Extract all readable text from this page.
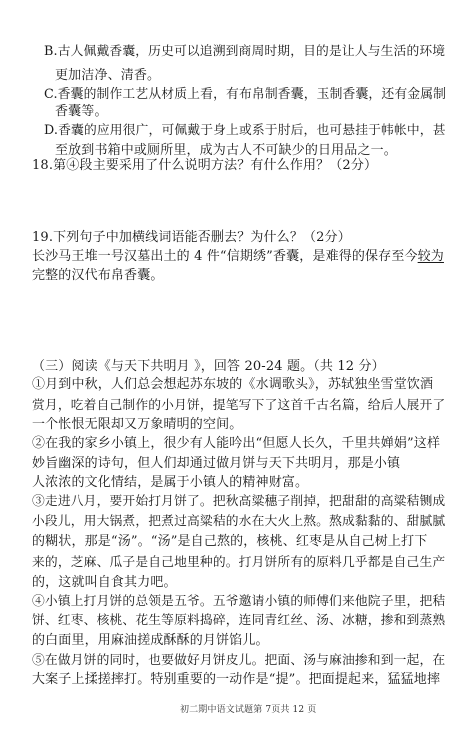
B.古人佩戴香囊，历史可以追溯到商周时期，目的是让人与生活的环境
更加洁净、清香。
C.香囊的制作工艺从材质上看，有布帛制香囊，玉制香囊，还有金属制
香囊等。
D.香囊的应用很广，可佩戴于身上或系于肘后，也可悬挂于帏帐中，甚
至放到书箱中或厕所里，成为古人不可缺少的日用品之一。
18.第④段主要采用了什么说明方法？有什么作用？（2分）
19.下列句子中加横线词语能否删去？为什么？（2分）
长沙马王堆一号汉墓出土的 4 件“信期绣”香囊，是难得的保存至今较为
完整的汉代布帛香囊。
（三）阅读《与天下共明月 》，回答 20-24 题。（共 12 分）
①月到中秋，人们总会想起苏东坡的《水调歌头》，苏轼独坐雪堂饮酒
赏月，吃着自己制作的小月饼，提笔写下了这首千古名篇，给后人展开了
一个怅恨无限却又万象晴明的空间。
②在我的家乡小镇上，很少有人能吟出“但愿人长久，千里共婵娟”这样
妙旨幽深的诗句，但人们却通过做月饼与天下共明月，那是小镇
人浓浓的文化情结，是属于小镇人的精神财富。
③走进八月，要开始打月饼了。把秋高粱穗子削掉，把甜甜的高粱秸铡成
小段儿，用大锅煮，把煮过高粱秸的水在大火上熬。熬成黏黏的、甜腻腻
的糊状，那是“汤”。“汤”是自己熬的，核桃、红枣是从自己树上打下
来的，芝麻、瓜子是自己地里种的。打月饼所有的原料几乎都是自己生产
的，这就叫自食其力吧。
④小镇上打月饼的总领是五爷。五爷邀请小镇的师傅们来他院子里，把秸
饼、红枣、核桃、花生等原料捣碎，连同青红丝、汤、冰糖，掺和到蒸熟
的白面里，用麻油搓成酥酥的月饼馅儿。
⑤在做月饼的同时，也要做好月饼皮儿。把面、汤与麻油掺和到一起，在
大案子上揉搓摔打。特别重要的一动作是“提”。把面提起来，猛猛地摔
初二期中语文试题第 7页共 12 页
